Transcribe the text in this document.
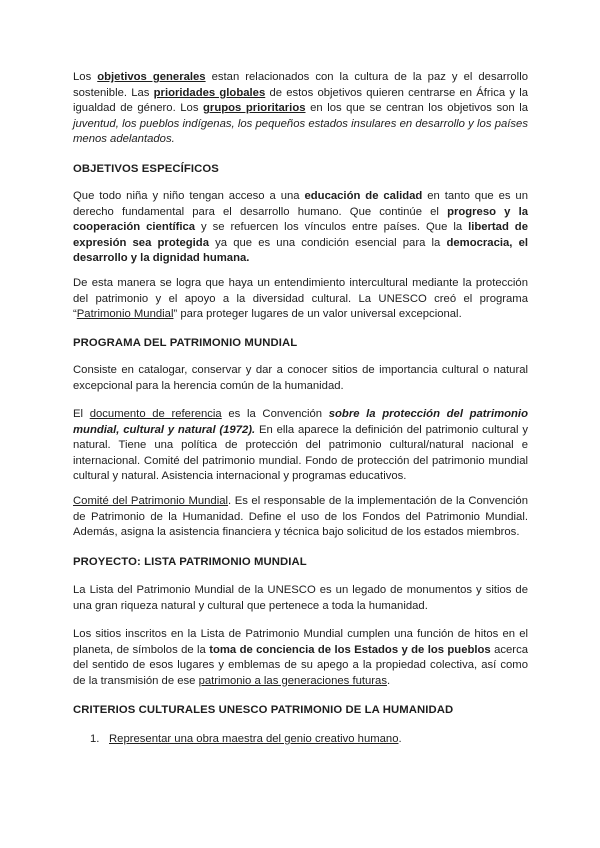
Los objetivos generales estan relacionados con la cultura de la paz y el desarrollo sostenible. Las prioridades globales de estos objetivos quieren centrarse en África y la igualdad de género. Los grupos prioritarios en los que se centran los objetivos son la juventud, los pueblos indígenas, los pequeños estados insulares en desarrollo y los países menos adelantados.

OBJETIVOS ESPECÍFICOS

Que todo niña y niño tengan acceso a una educación de calidad en tanto que es un derecho fundamental para el desarrollo humano. Que continúe el progreso y la cooperación científica y se refuercen los vínculos entre países. Que la libertad de expresión sea protegida ya que es una condición esencial para la democracia, el desarrollo y la dignidad humana.

De esta manera se logra que haya un entendimiento intercultural mediante la protección del patrimonio y el apoyo a la diversidad cultural. La UNESCO creó el programa “Patrimonio Mundial” para proteger lugares de un valor universal excepcional.

PROGRAMA DEL PATRIMONIO MUNDIAL

Consiste en catalogar, conservar y dar a conocer sitios de importancia cultural o natural excepcional para la herencia común de la humanidad.

El documento de referencia es la Convención sobre la protección del patrimonio mundial, cultural y natural (1972). En ella aparece la definición del patrimonio cultural y natural. Tiene una política de protección del patrimonio cultural/natural nacional e internacional. Comité del patrimonio mundial. Fondo de protección del patrimonio mundial cultural y natural. Asistencia internacional y programas educativos.

Comité del Patrimonio Mundial. Es el responsable de la implementación de la Convención de Patrimonio de la Humanidad. Define el uso de los Fondos del Patrimonio Mundial. Además, asigna la asistencia financiera y técnica bajo solicitud de los estados miembros.

PROYECTO: LISTA PATRIMONIO MUNDIAL

La Lista del Patrimonio Mundial de la UNESCO es un legado de monumentos y sitios de una gran riqueza natural y cultural que pertenece a toda la humanidad.

Los sitios inscritos en la Lista de Patrimonio Mundial cumplen una función de hitos en el planeta, de símbolos de la toma de conciencia de los Estados y de los pueblos acerca del sentido de esos lugares y emblemas de su apego a la propiedad colectiva, así como de la transmisión de ese patrimonio a las generaciones futuras.

CRITERIOS CULTURALES UNESCO PATRIMONIO DE LA HUMANIDAD
1. Representar una obra maestra del genio creativo humano.
